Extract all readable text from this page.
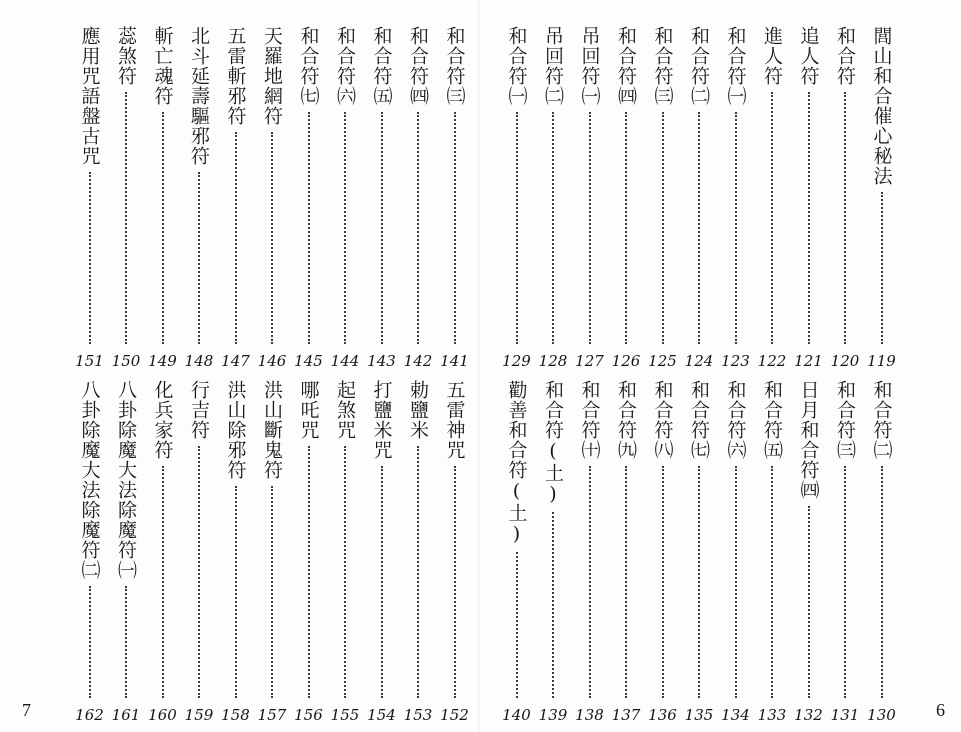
和合符㈢
141
和合符㈣
142
和合符㈤
143
和合符㈥
144
和合符㈦
145
天羅地網符
146
五雷斬邪符
147
北斗延壽驅邪符
148
斬亡魂符
149
蕊煞符
150
應用咒語盤古咒
151
五雷神咒
152
勅鹽米
153
打鹽米咒
154
起煞咒
155
哪吒咒
156
洪山斷鬼符
157
洪山除邪符
158
行吉符
159
化兵家符
160
八卦除魔大法除魔符㈠
161
八卦除魔大法除魔符㈡
162
7
閭山和合催心秘法
119
和合符
120
追人符
121
進人符
122
和合符㈠
123
和合符㈡
124
和合符㈢
125
和合符㈣
126
吊回符㈠
127
吊回符㈡
128
和合符㈠
129
和合符㈡
130
和合符㈢
131
日月和合符㈣
132
和合符㈤
133
和合符㈥
134
和合符㈦
135
和合符㈧
136
和合符㈨
137
和合符㈩
138
和合符(土)
139
勸善和合符(土)
140	6
